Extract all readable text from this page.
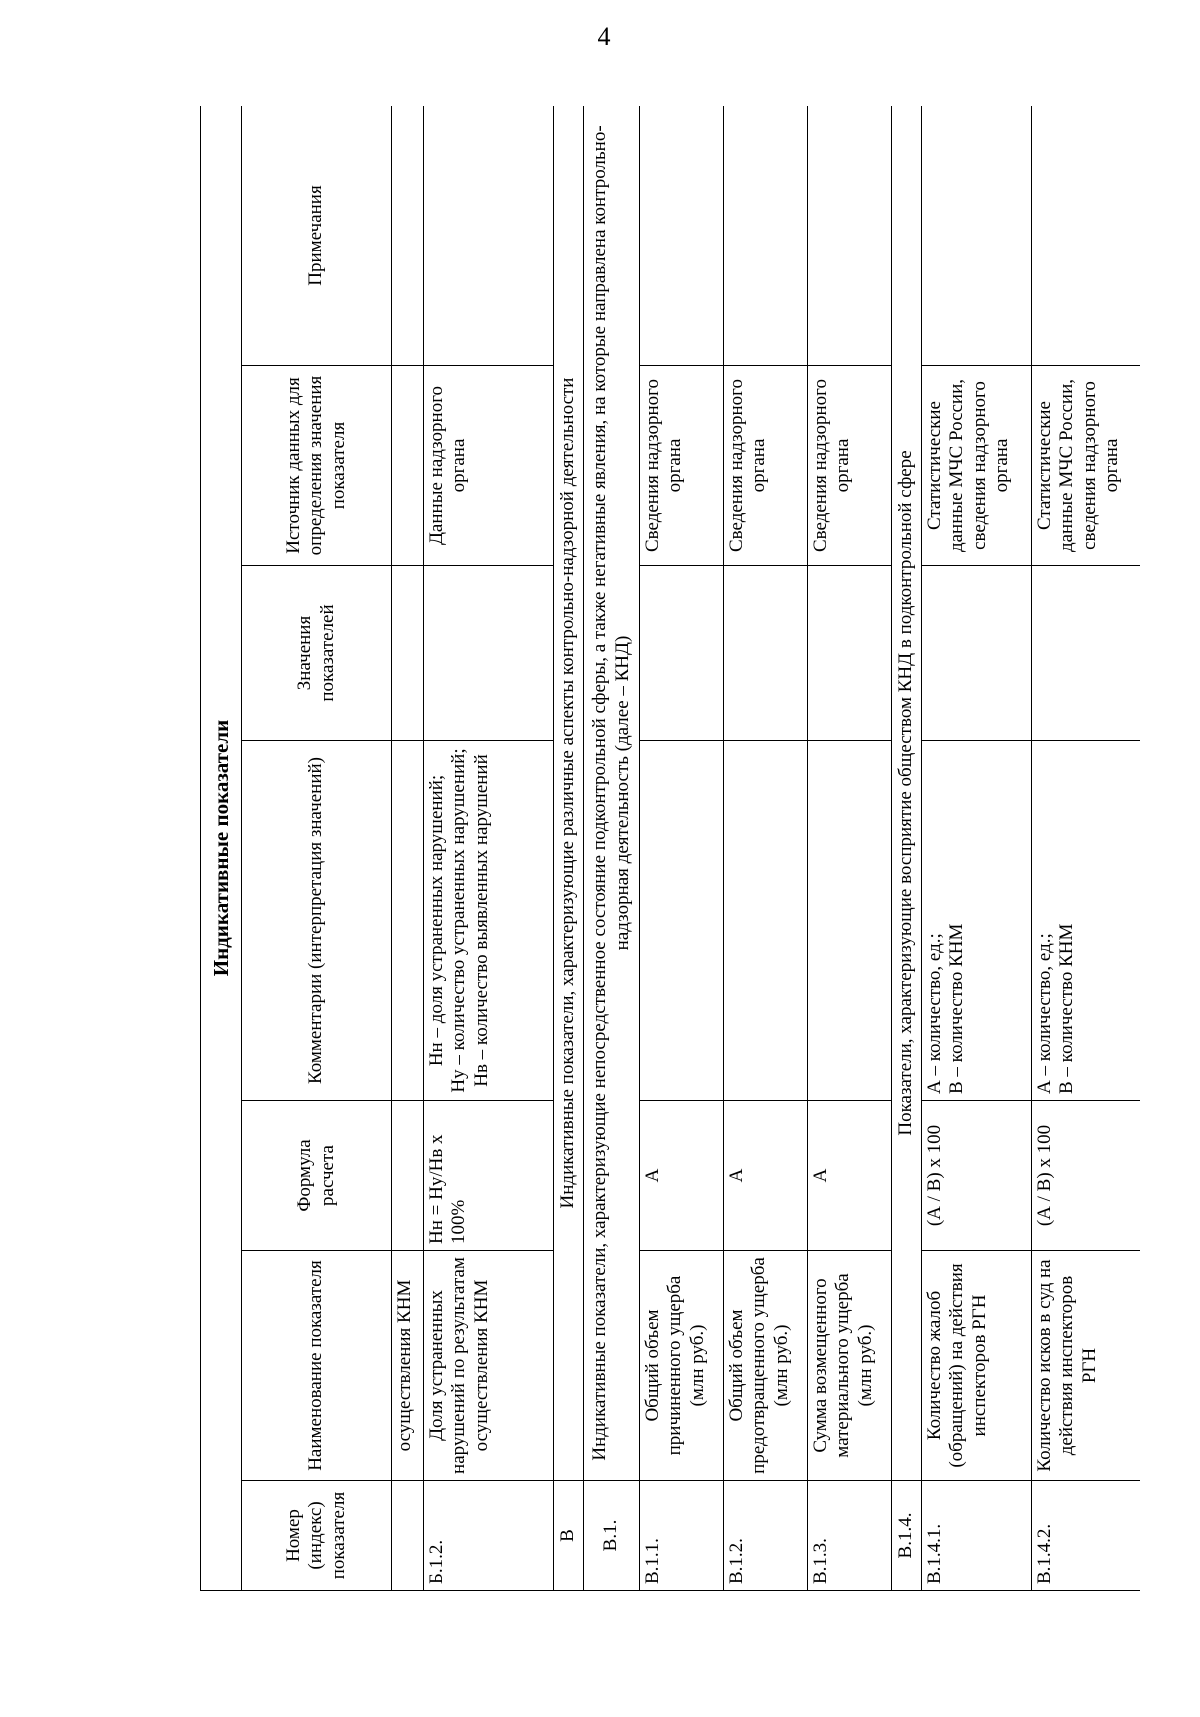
4
Индикативные показатели						
Номер (индекс) показателя	Наименование показателя	Формула расчета	Комментарии (интерпретация значений)	Значения показателей	Источник данных для определения значения показателя	Примечания
	осуществления КНМ					
Б.1.2.	Доля устраненных нарушений по результатам осуществления КНМ	Нн = Ну/Нв x 100%	Нн – доля устраненных нарушений; Ну – количество устраненных нарушений; Нв – количество выявленных нарушений		Данные надзорного органа	
В	Индикативные показатели, характеризующие различные аспекты контрольно-надзорной деятельности					
В.1.	Индикативные показатели, характеризующие непосредственное состояние подконтрольной сферы, а также негативные явления, на которые направлена контрольно-надзорная деятельность (далее – КНД)					
В.1.1.	Общий объем причиненного ущерба (млн руб.)	А			Сведения надзорного органа	
В.1.2.	Общий объем предотвращенного ущерба (млн руб.)	А			Сведения надзорного органа	
В.1.3.	Сумма возмещенного материального ущерба (млн руб.)	А			Сведения надзорного органа	
В.1.4.	Показатели, характеризующие восприятие обществом КНД в подконтрольной сфере					
В.1.4.1.	Количество жалоб (обращений) на действия инспекторов РГН	(А / В) x 100	А – количество, ед.; В – количество КНМ		Статистические данные МЧС России, сведения надзорного органа	
В.1.4.2.	Количество исков в суд на действия инспекторов РГН	(А / В) x 100	А – количество, ед.; В – количество КНМ		Статистические данные МЧС России, сведения надзорного органа	
